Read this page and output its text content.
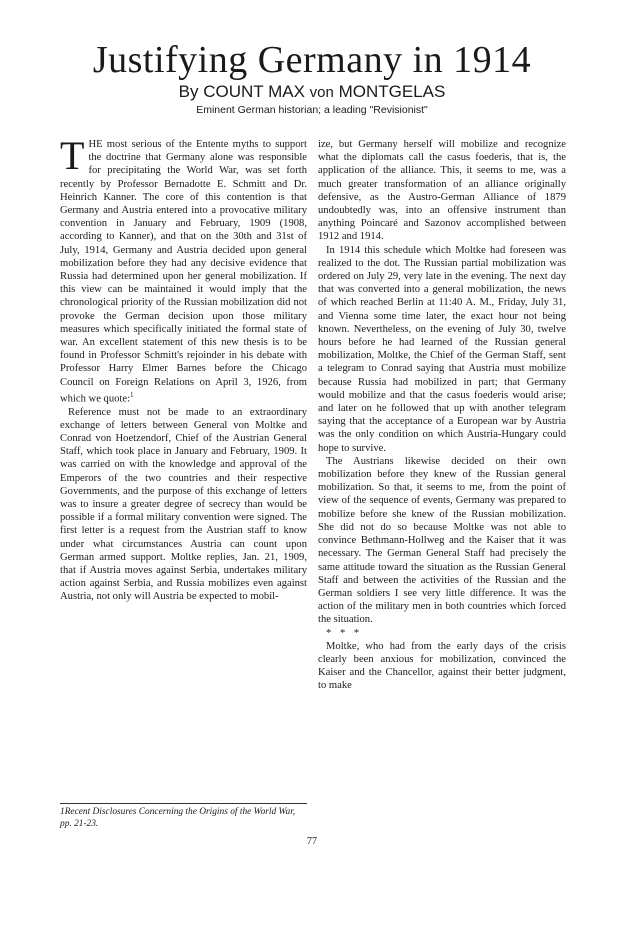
Justifying Germany in 1914

By COUNT MAX von MONTGELAS

Eminent German historian; a leading "Revisionist"

THE most serious of the Entente myths to support the doctrine that Germany alone was responsible for precipitating the World War, was set forth recently by Professor Bernadotte E. Schmitt and Dr. Heinrich Kanner. The core of this contention is that Germany and Austria entered into a provocative military convention in January and February, 1909 (1908, according to Kanner), and that on the 30th and 31st of July, 1914, Germany and Austria decided upon general mobilization before they had any decisive evidence that Russia had determined upon her general mobilization. If this view can be maintained it would imply that the chronological priority of the Russian mobilization did not provoke the German decision upon those military measures which specifically initiated the formal state of war. An excellent statement of this new thesis is to be found in Professor Schmitt's rejoinder in his debate with Professor Harry Elmer Barnes before the Chicago Council on Foreign Relations on April 3, 1926, from which we quote:$^1$

Reference must not be made to an extraordinary exchange of letters between General von Moltke and Conrad von Hoetzendorf, Chief of the Austrian General Staff, which took place in January and February, 1909. It was carried on with the knowledge and approval of the Emperors of the two countries and their respective Governments, and the purpose of this exchange of letters was to insure a greater degree of secrecy than would be possible if a formal military convention were signed. The first letter is a request from the Austrian staff to know under what circumstances Austria can count upon German armed support. Moltke replies, Jan. 21, 1909, that if Austria moves against Serbia, undertakes military action against Serbia, and Russia mobilizes even against Austria, not only will Austria be expected to mobil-

1Recent Disclosures Concerning the Origins of the World War, pp. 21-23.

ize, but Germany herself will mobilize and recognize what the diplomats call the casus foederis, that is, the application of the alliance. This, it seems to me, was a much greater transformation of an alliance originally defensive, as the Austro-German Alliance of 1879 undoubtedly was, into an offensive instrument than anything Poincaré and Sazonov accomplished between 1912 and 1914.

In 1914 this schedule which Moltke had foreseen was realized to the dot. The Russian partial mobilization was ordered on July 29, very late in the evening. The next day that was converted into a general mobilization, the news of which reached Berlin at 11:40 A. M., Friday, July 31, and Vienna some time later, the exact hour not being known. Nevertheless, on the evening of July 30, twelve hours before he had learned of the Russian general mobilization, Moltke, the Chief of the German Staff, sent a telegram to Conrad saying that Austria must mobilize because Russia had mobilized in part; that Germany would mobilize and that the casus foederis would arise; and later on he followed that up with another telegram saying that the acceptance of a European war by Austria was the only condition on which Austria-Hungary could hope to survive.

The Austrians likewise decided on their own mobilization before they knew of the Russian general mobilization. So that, it seems to me, from the point of view of the sequence of events, Germany was prepared to mobilize before she knew of the Russian mobilization. She did not do so because Moltke was not able to convince Bethmann-Hollweg and the Kaiser that it was necessary. The German General Staff had precisely the same attitude toward the situation as the Russian General Staff and between the activities of the Russian and the German soldiers I see very little difference. It was the action of the military men in both countries which forced the situation.

* * *

Moltke, who had from the early days of the crisis clearly been anxious for mobilization, convinced the Kaiser and the Chancellor, against their better judgment, to make

77
